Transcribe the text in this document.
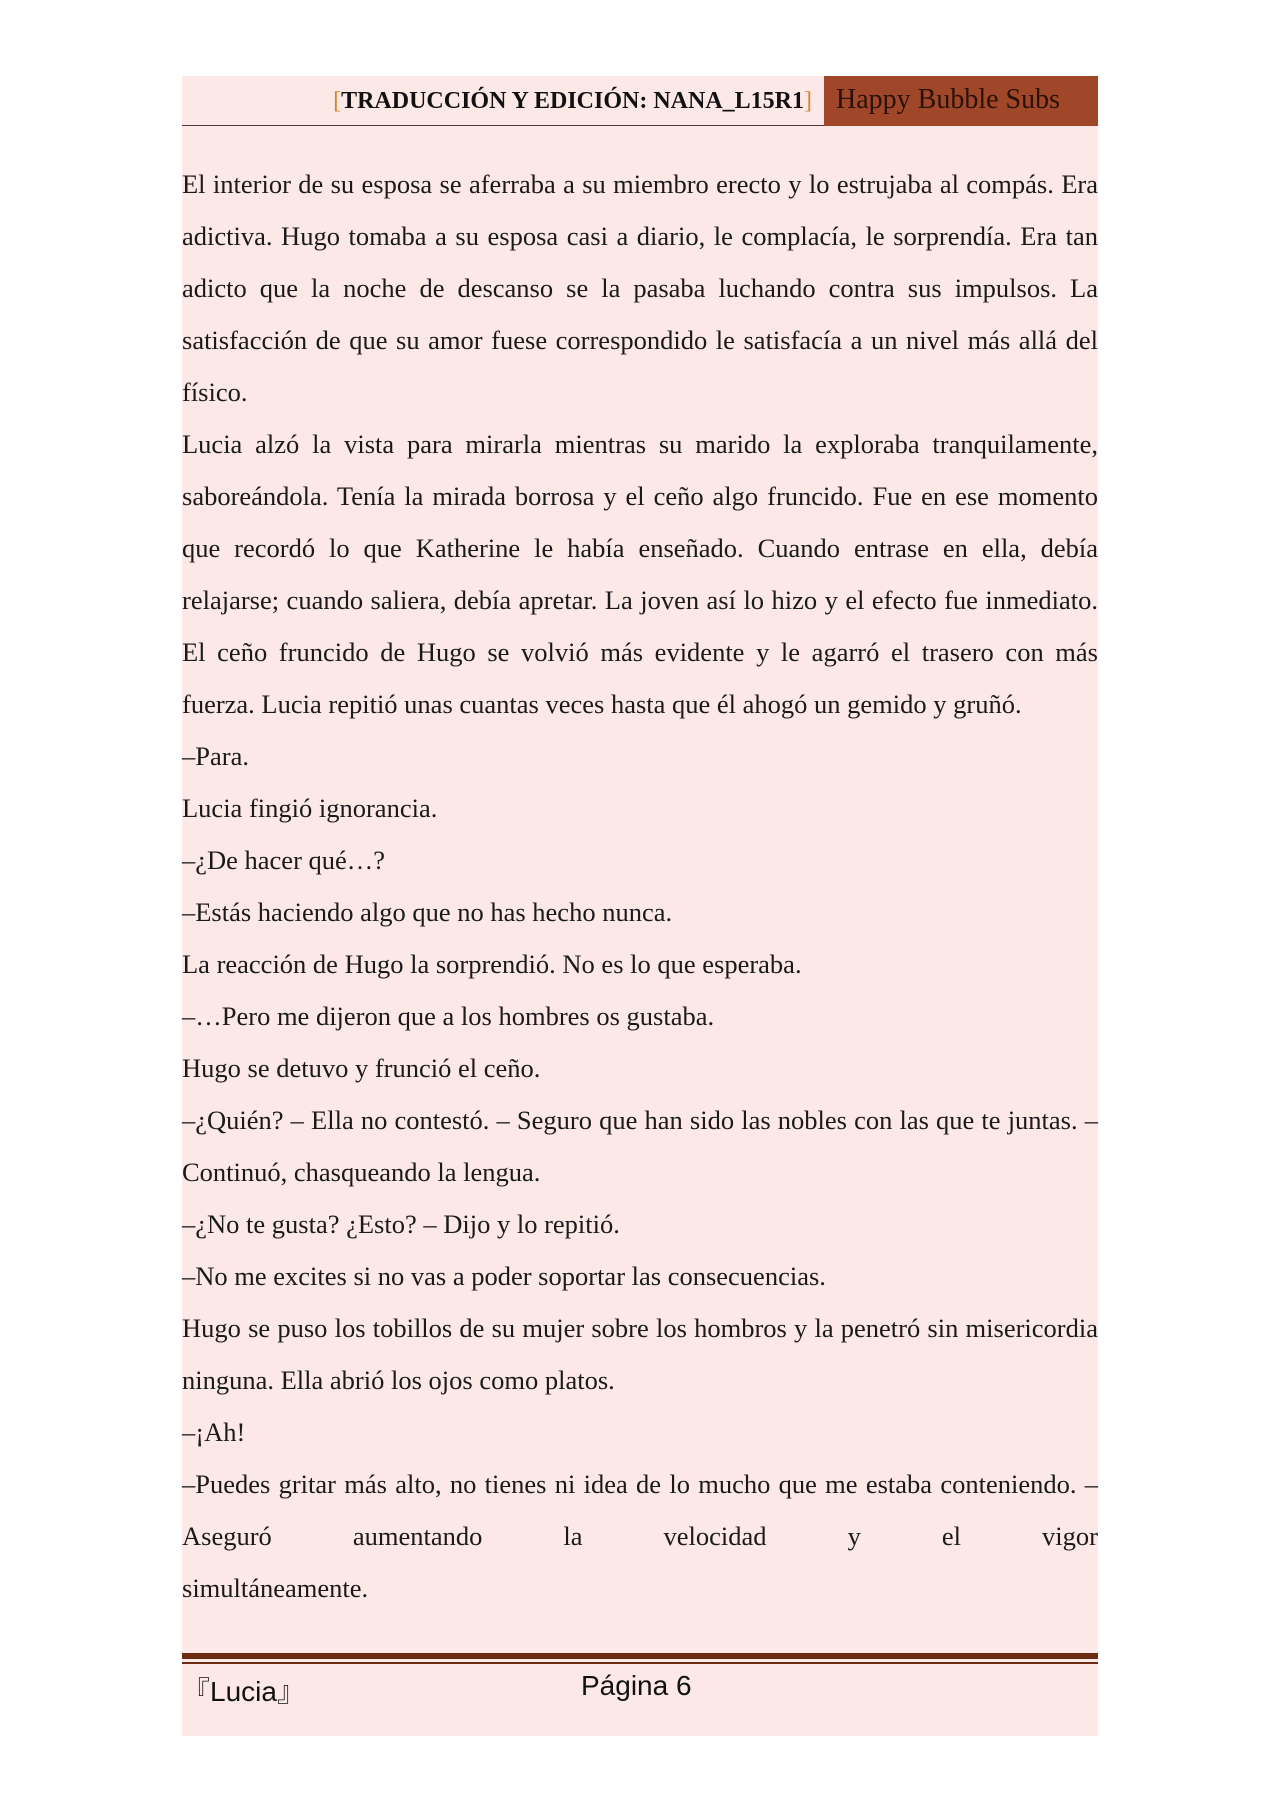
[TRADUCCIÓN Y EDICIÓN: NANA_L15R1] Happy Bubble Subs

El interior de su esposa se aferraba a su miembro erecto y lo estrujaba al compás. Era adictiva. Hugo tomaba a su esposa casi a diario, le complacía, le sorprendía. Era tan adicto que la noche de descanso se la pasaba luchando contra sus impulsos. La satisfacción de que su amor fuese correspondido le satisfacía a un nivel más allá del físico.

Lucia alzó la vista para mirarla mientras su marido la exploraba tranquilamente, saboreándola. Tenía la mirada borrosa y el ceño algo fruncido. Fue en ese momento que recordó lo que Katherine le había enseñado. Cuando entrase en ella, debía relajarse; cuando saliera, debía apretar. La joven así lo hizo y el efecto fue inmediato. El ceño fruncido de Hugo se volvió más evidente y le agarró el trasero con más fuerza. Lucia repitió unas cuantas veces hasta que él ahogó un gemido y gruñó.

–Para.

Lucia fingió ignorancia.

–¿De hacer qué…?

–Estás haciendo algo que no has hecho nunca.

La reacción de Hugo la sorprendió. No es lo que esperaba.

–…Pero me dijeron que a los hombres os gustaba.

Hugo se detuvo y frunció el ceño.

–¿Quién? – Ella no contestó. – Seguro que han sido las nobles con las que te juntas. – Continuó, chasqueando la lengua.

–¿No te gusta? ¿Esto? – Dijo y lo repitió.

–No me excites si no vas a poder soportar las consecuencias.

Hugo se puso los tobillos de su mujer sobre los hombros y la penetró sin misericordia ninguna. Ella abrió los ojos como platos.

–¡Ah!

–Puedes gritar más alto, no tienes ni idea de lo mucho que me estaba conteniendo. – Aseguró aumentando la velocidad y el vigor

simultáneamente.

『Lucia』	Página 6
